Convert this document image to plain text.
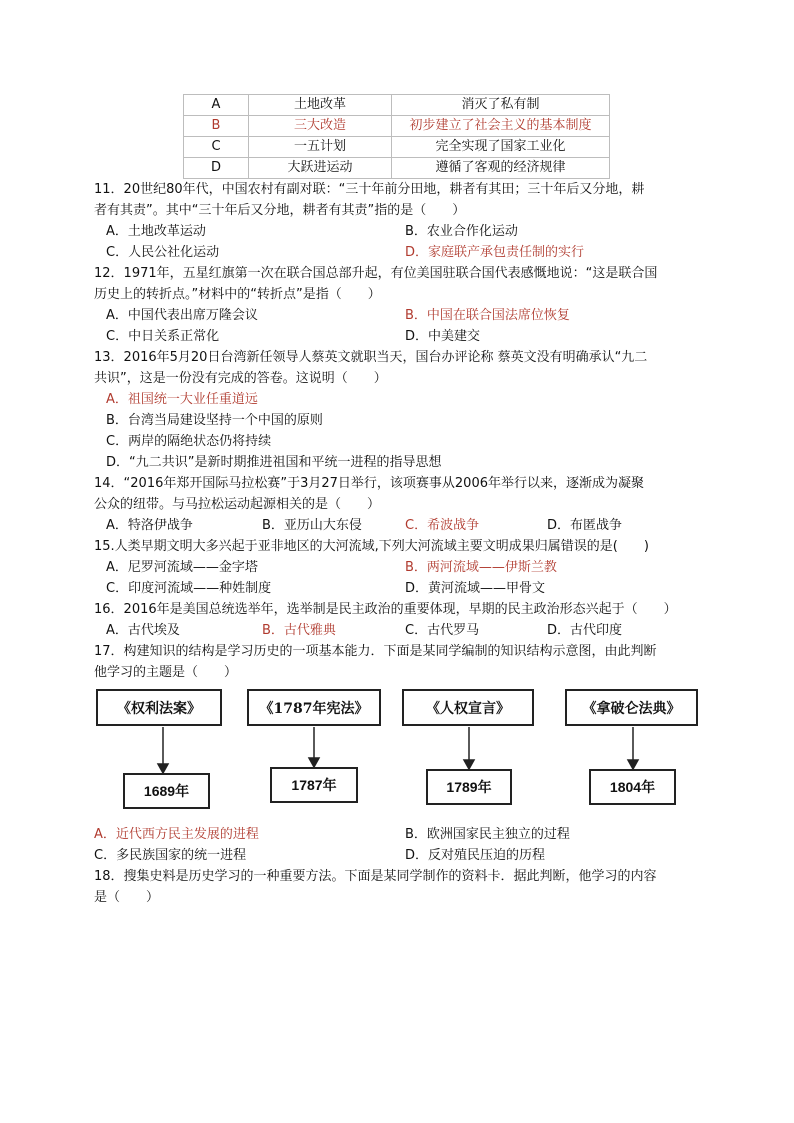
A	土地改革	消灭了私有制
B	三大改造	初步建立了社会主义的基本制度
C	一五计划	完全实现了国家工业化
D	大跃进运动	遵循了客观的经济规律
11．20世纪80年代，中国农村有副对联：“三十年前分田地，耕者有其田；三十年后又分地，耕
者有其责”。其中“三十年后又分地，耕者有其责”指的是（　　）
A．土地改革运动	B．农业合作化运动
C．人民公社化运动	D．家庭联产承包责任制的实行
12．1971年，五星红旗第一次在联合国总部升起，有位美国驻联合国代表感慨地说：“这是联合国
历史上的转折点。”材料中的“转折点”是指（　　）
A．中国代表出席万隆会议	B．中国在联合国法席位恢复
C．中日关系正常化	D．中美建交
13．2016年5月20日台湾新任领导人蔡英文就职当天，国台办评论称 蔡英文没有明确承认“九二
共识”，这是一份没有完成的答卷。这说明（　　）
A．祖国统一大业任重道远
B．台湾当局建设坚持一个中国的原则
C．两岸的隔绝状态仍将持续
D．“九二共识”是新时期推进祖国和平统一进程的指导思想
14．“2016年郑开国际马拉松赛”于3月27日举行，该项赛事从2006年举行以来，逐渐成为凝聚
公众的纽带。与马拉松运动起源相关的是（　　）
A．特洛伊战争	B．亚历山大东侵	C．希波战争	D．布匿战争
15.人类早期文明大多兴起于亚非地区的大河流域,下列大河流域主要文明成果归属错误的是(　　)
A．尼罗河流域——金字塔	B．两河流域——伊斯兰教
C．印度河流域——种姓制度	D．黄河流域——甲骨文
16．2016年是美国总统选举年，选举制是民主政治的重要体现，早期的民主政治形态兴起于（　　）
A．古代埃及	B．古代雅典	C．古代罗马	D．古代印度
17．构建知识的结构是学习历史的一项基本能力．下面是某同学编制的知识结构示意图，由此判断
他学习的主题是（　　）
《权利法案》	《1787年宪法》	《人权宣言》	《拿破仑法典》
1689年	1787年	1789年	1804年
A．近代西方民主发展的进程	B．欧洲国家民主独立的过程
C．多民族国家的统一进程	D．反对殖民压迫的历程
18．搜集史料是历史学习的一种重要方法。下面是某同学制作的资料卡．据此判断，他学习的内容
是（　　）
